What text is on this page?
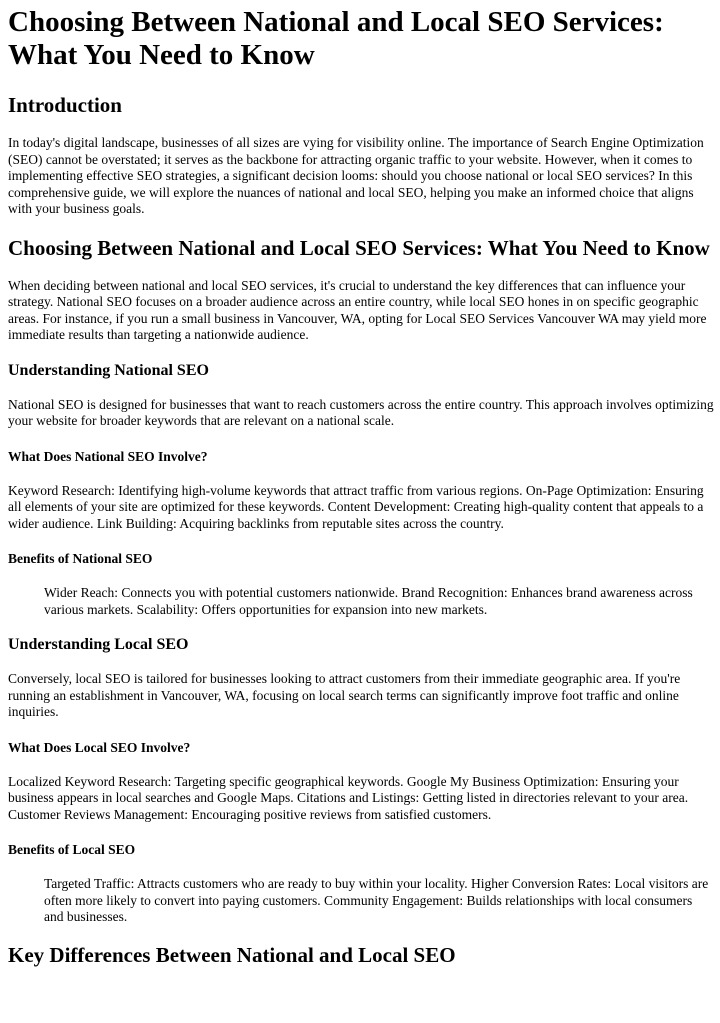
Choosing Between National and Local SEO Services: What You Need to Know
Introduction

In today's digital landscape, businesses of all sizes are vying for visibility online. The importance of Search Engine Optimization (SEO) cannot be overstated; it serves as the backbone for attracting organic traffic to your website. However, when it comes to implementing effective SEO strategies, a significant decision looms: should you choose national or local SEO services? In this comprehensive guide, we will explore the nuances of national and local SEO, helping you make an informed choice that aligns with your business goals.

Choosing Between National and Local SEO Services: What You Need to Know

When deciding between national and local SEO services, it's crucial to understand the key differences that can influence your strategy. National SEO focuses on a broader audience across an entire country, while local SEO hones in on specific geographic areas. For instance, if you run a small business in Vancouver, WA, opting for Local SEO Services Vancouver WA may yield more immediate results than targeting a nationwide audience.

Understanding National SEO

National SEO is designed for businesses that want to reach customers across the entire country. This approach involves optimizing your website for broader keywords that are relevant on a national scale.

What Does National SEO Involve?

Keyword Research: Identifying high-volume keywords that attract traffic from various regions. On-Page Optimization: Ensuring all elements of your site are optimized for these keywords. Content Development: Creating high-quality content that appeals to a wider audience. Link Building: Acquiring backlinks from reputable sites across the country.

Benefits of National SEO
Wider Reach: Connects you with potential customers nationwide. Brand Recognition: Enhances brand awareness across various markets. Scalability: Offers opportunities for expansion into new markets.
Understanding Local SEO

Conversely, local SEO is tailored for businesses looking to attract customers from their immediate geographic area. If you're running an establishment in Vancouver, WA, focusing on local search terms can significantly improve foot traffic and online inquiries.

What Does Local SEO Involve?

Localized Keyword Research: Targeting specific geographical keywords. Google My Business Optimization: Ensuring your business appears in local searches and Google Maps. Citations and Listings: Getting listed in directories relevant to your area. Customer Reviews Management: Encouraging positive reviews from satisfied customers.

Benefits of Local SEO
Targeted Traffic: Attracts customers who are ready to buy within your locality. Higher Conversion Rates: Local visitors are often more likely to convert into paying customers. Community Engagement: Builds relationships with local consumers and businesses.
Key Differences Between National and Local SEO
